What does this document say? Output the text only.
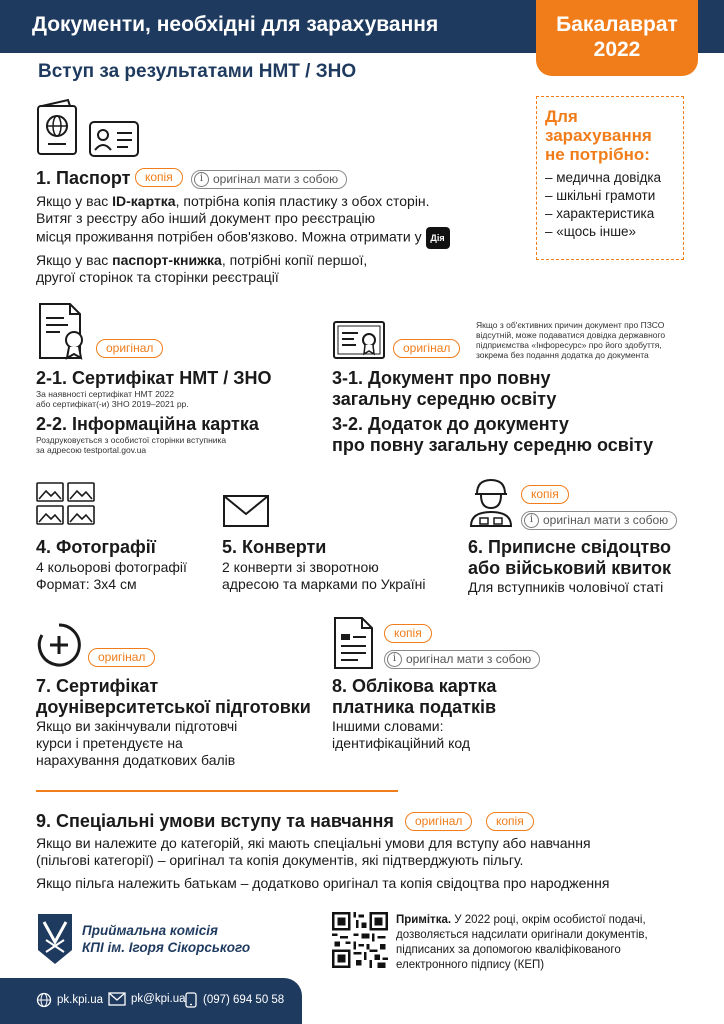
Документи, необхідні для зарахування	Бакалаврат
2022
Вступ за результатами НМТ / ЗНО
Для зарахування не потрібно:
– медична довідка
– шкільні грамоти
– характеристика
– «щось інше»
1. Паспорт	копія	i оригінал мати з собою
Якщо у вас ID-картка, потрібна копія пластику з обох сторін.
Витяг з реєстру або інший документ про реєстрацію
місця проживання потрібен обов'язково. Можна отримати у Дія
Якщо у вас паспорт-книжка, потрібні копії першої,
другої сторінок та сторінки реєстрації
оригінал
2-1. Сертифікат НМТ / ЗНО
За наявності сертифікат НМТ 2022
або сертифікат(-и) ЗНО 2019–2021 рр.
2-2. Інформаційна картка
Роздруковується з особистої сторінки вступника
за адресою testportal.gov.ua
оригінал
Якщо з об'єктивних причин документ про ПЗСО
відсутній, може подаватися довідка державного
підприємства «Інфоресурс» про його здобуття,
зокрема без подання додатка до документа
3-1. Документ про повну
загальну середню освіту
3-2. Додаток до документу
про повну загальну середню освіту
4. Фотографії
4 кольорові фотографії
Формат: 3х4 см
5. Конверти
2 конверти зі зворотною
адресою та марками по Україні
копія
i оригінал мати з собою
6. Приписне свідоцтво
або військовий квиток
Для вступників чоловічої статі
оригінал
7. Сертифікат
доуніверситетської підготовки
Якщо ви закінчували підготовчі
курси і претендуєте на
нарахування додаткових балів
копія
i оригінал мати з собою
8. Облікова картка
платника податків
Іншими словами:
ідентифікаційний код
9. Спеціальні умови вступу та навчання	оригінал	копія
Якщо ви належите до категорій, які мають спеціальні умови для вступу або навчання
(пільгові категорії) – оригінал та копія документів, які підтверджують пільгу.
Якщо пільга належить батькам – додатково оригінал та копія свідоцтва про народження
Приймальна комісія
КПІ ім. Ігоря Сікорського
Примітка. У 2022 році, окрім особистої подачі,
дозволяється надсилати оригінали документів,
підписаних за допомогою кваліфікованого
електронного підпису (КЕП)
pk.kpi.ua pk@kpi.ua (097) 694 50 58
